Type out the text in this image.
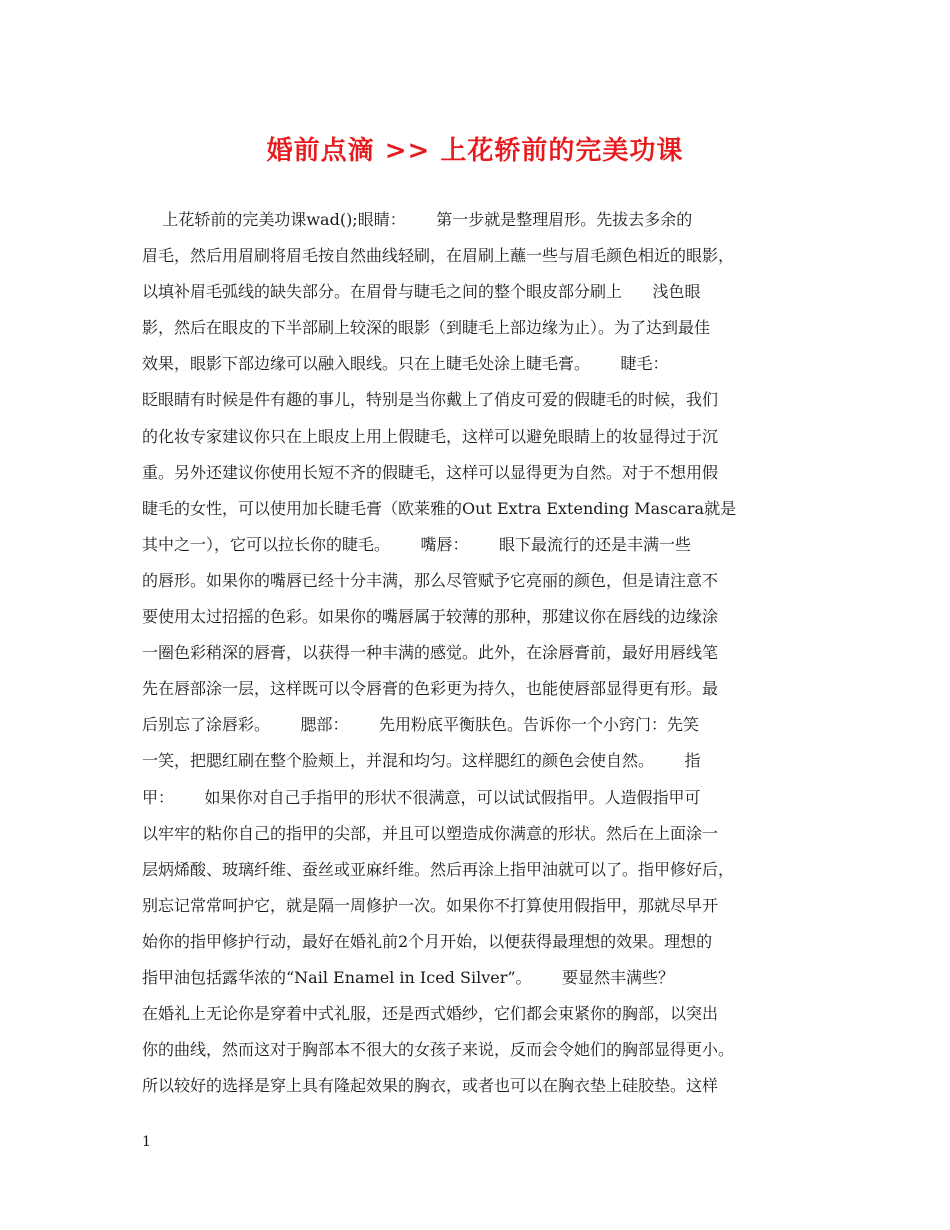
婚前点滴 >> 上花轿前的完美功课
上花轿前的完美功课wad();眼睛：      第一步就是整理眉形。先拔去多余的
眉毛，然后用眉刷将眉毛按自然曲线轻刷，在眉刷上蘸一些与眉毛颜色相近的眼影，
以填补眉毛弧线的缺失部分。在眉骨与睫毛之间的整个眼皮部分刷上      浅色眼
影，然后在眼皮的下半部刷上较深的眼影（到睫毛上部边缘为止）。为了达到最佳
效果，眼影下部边缘可以融入眼线。只在上睫毛处涂上睫毛膏。      睫毛：
眨眼睛有时候是件有趣的事儿，特别是当你戴上了俏皮可爱的假睫毛的时候，我们
的化妆专家建议你只在上眼皮上用上假睫毛，这样可以避免眼睛上的妆显得过于沉
重。另外还建议你使用长短不齐的假睫毛，这样可以显得更为自然。对于不想用假
睫毛的女性，可以使用加长睫毛膏（欧莱雅的Out Extra Extending Mascara就是
其中之一），它可以拉长你的睫毛。      嘴唇：      眼下最流行的还是丰满一些
的唇形。如果你的嘴唇已经十分丰满，那么尽管赋予它亮丽的颜色，但是请注意不
要使用太过招摇的色彩。如果你的嘴唇属于较薄的那种，那建议你在唇线的边缘涂
一圈色彩稍深的唇膏，以获得一种丰满的感觉。此外，在涂唇膏前，最好用唇线笔
先在唇部涂一层，这样既可以令唇膏的色彩更为持久，也能使唇部显得更有形。最
后别忘了涂唇彩。      腮部：      先用粉底平衡肤色。告诉你一个小窍门：先笑
一笑，把腮红刷在整个脸颊上，并混和均匀。这样腮红的颜色会使自然。      指
甲：      如果你对自己手指甲的形状不很满意，可以试试假指甲。人造假指甲可
以牢牢的粘你自己的指甲的尖部，并且可以塑造成你满意的形状。然后在上面涂一
层炳烯酸、玻璃纤维、蚕丝或亚麻纤维。然后再涂上指甲油就可以了。指甲修好后，
别忘记常常呵护它，就是隔一周修护一次。如果你不打算使用假指甲，那就尽早开
始你的指甲修护行动，最好在婚礼前2个月开始，以便获得最理想的效果。理想的
指甲油包括露华浓的“Nail Enamel in Iced Silver”。      要显然丰满些？
在婚礼上无论你是穿着中式礼服，还是西式婚纱，它们都会束紧你的胸部，以突出
你的曲线，然而这对于胸部本不很大的女孩子来说，反而会令她们的胸部显得更小。
所以较好的选择是穿上具有隆起效果的胸衣，或者也可以在胸衣垫上硅胶垫。这样
1
